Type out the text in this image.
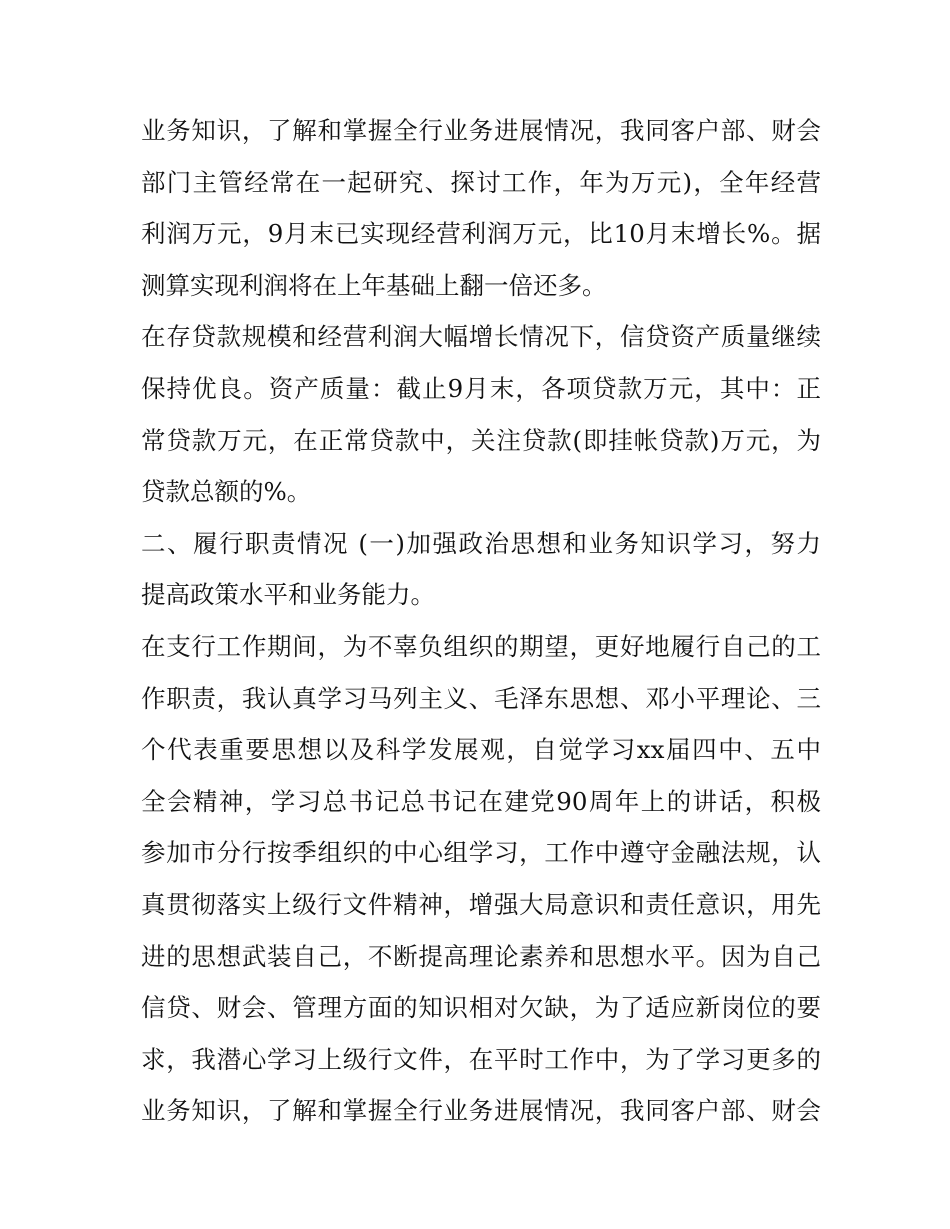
业务知识，了解和掌握全行业务进展情况，我同客户部、财会
部门主管经常在一起研究、探讨工作，年为万元)，全年经营
利润万元，9月末已实现经营利润万元，比10月末增长%。据
测算实现利润将在上年基础上翻一倍还多。
在存贷款规模和经营利润大幅增长情况下，信贷资产质量继续
保持优良。资产质量：截止9月末，各项贷款万元，其中：正
常贷款万元，在正常贷款中，关注贷款(即挂帐贷款)万元，为
贷款总额的%。
二、履行职责情况 (一)加强政治思想和业务知识学习，努力
提高政策水平和业务能力。
在支行工作期间，为不辜负组织的期望，更好地履行自己的工
作职责，我认真学习马列主义、毛泽东思想、邓小平理论、三
个代表重要思想以及科学发展观，自觉学习xx届四中、五中
全会精神，学习总书记总书记在建党90周年上的讲话，积极
参加市分行按季组织的中心组学习，工作中遵守金融法规，认
真贯彻落实上级行文件精神，增强大局意识和责任意识，用先
进的思想武装自己，不断提高理论素养和思想水平。因为自己
信贷、财会、管理方面的知识相对欠缺，为了适应新岗位的要
求，我潜心学习上级行文件，在平时工作中，为了学习更多的
业务知识，了解和掌握全行业务进展情况，我同客户部、财会
